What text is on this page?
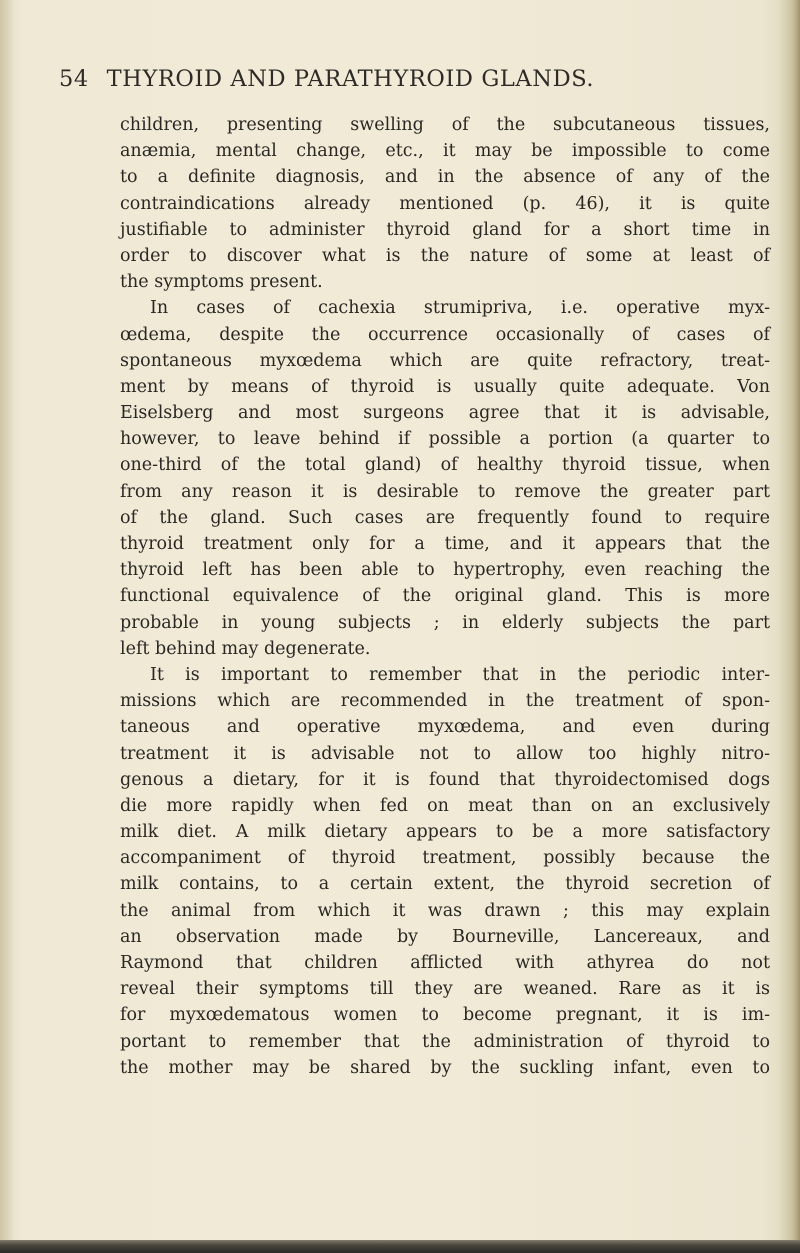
54 THYROID AND PARATHYROID GLANDS.
children, presenting swelling of the subcutaneous tissues,
anæmia, mental change, etc., it may be impossible to come
to a definite diagnosis, and in the absence of any of the
contraindications already mentioned (p. 46), it is quite
justifiable to administer thyroid gland for a short time in
order to discover what is the nature of some at least of
the symptoms present.
In cases of cachexia strumipriva, i.e. operative myx-
œdema, despite the occurrence occasionally of cases of
spontaneous myxœdema which are quite refractory, treat-
ment by means of thyroid is usually quite adequate. Von
Eiselsberg and most surgeons agree that it is advisable,
however, to leave behind if possible a portion (a quarter to
one-third of the total gland) of healthy thyroid tissue, when
from any reason it is desirable to remove the greater part
of the gland. Such cases are frequently found to require
thyroid treatment only for a time, and it appears that the
thyroid left has been able to hypertrophy, even reaching the
functional equivalence of the original gland. This is more
probable in young subjects ; in elderly subjects the part
left behind may degenerate.
It is important to remember that in the periodic inter-
missions which are recommended in the treatment of spon-
taneous and operative myxœdema, and even during
treatment it is advisable not to allow too highly nitro-
genous a dietary, for it is found that thyroidectomised dogs
die more rapidly when fed on meat than on an exclusively
milk diet. A milk dietary appears to be a more satisfactory
accompaniment of thyroid treatment, possibly because the
milk contains, to a certain extent, the thyroid secretion of
the animal from which it was drawn ; this may explain
an observation made by Bourneville, Lancereaux, and
Raymond that children afflicted with athyrea do not
reveal their symptoms till they are weaned. Rare as it is
for myxœdematous women to become pregnant, it is im-
portant to remember that the administration of thyroid to
the mother may be shared by the suckling infant, even to
